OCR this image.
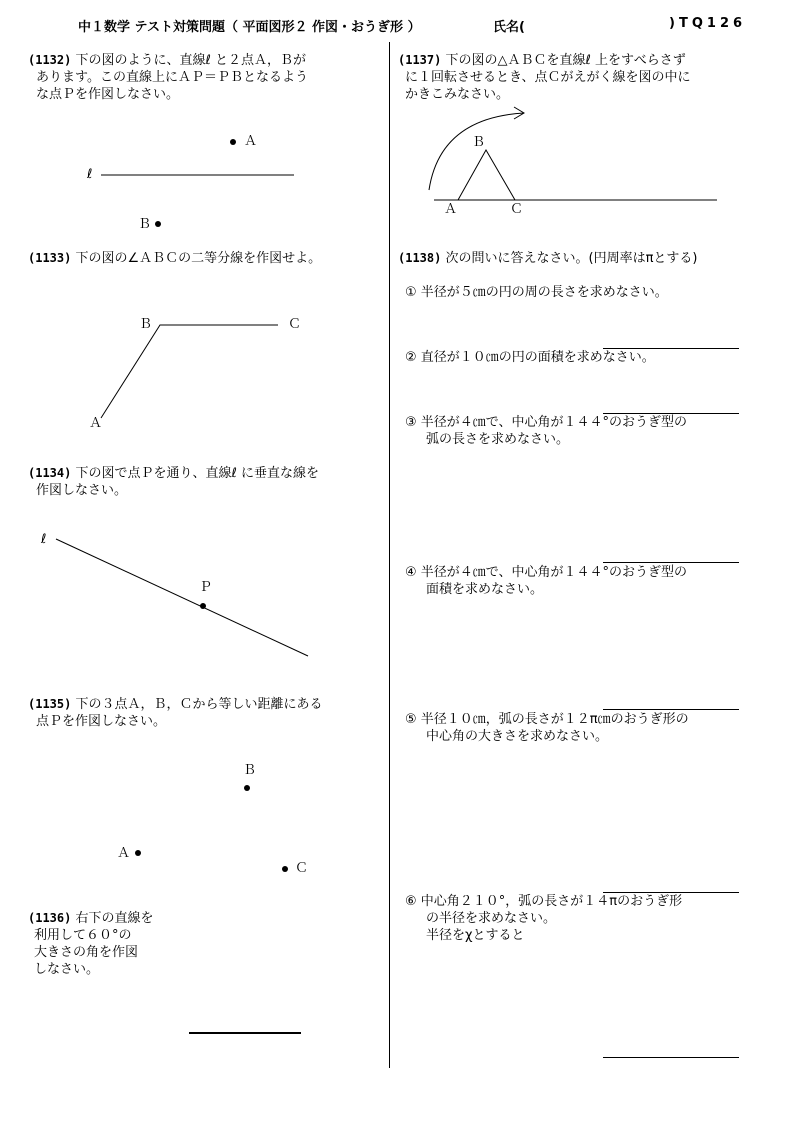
中１数学 テスト対策問題（ 平面図形２ 作図・おうぎ形 ）	氏名(	) TQ126
(1132) 下の図のように、直線ℓ と２点Ａ，Ｂが
あります。この直線上にＡＰ＝ＰＢとなるよう
な点Ｐを作図しなさい。
Ａ
Ｂ
ℓ
(1133) 下の図の∠ＡＢＣの二等分線を作図せよ。
Ｂ	Ｃ
Ａ
(1134) 下の図で点Ｐを通り、直線ℓ に垂直な線を
作図しなさい。
ℓ
Ｐ
(1135) 下の３点Ａ，Ｂ，Ｃから等しい距離にある
点Ｐを作図しなさい。
Ｂ
Ａ
Ｃ
(1136) 右下の直線を
利用して６０°の
大きさの角を作図
しなさい。
(1137) 下の図の△ＡＢＣを直線ℓ 上をすべらさず
に１回転させるとき、点Ｃがえがく線を図の中に
かきこみなさい。
Ｂ
Ａ	Ｃ
(1138) 次の問いに答えなさい。(円周率はπとする)
① 半径が５㎝の円の周の長さを求めなさい。
② 直径が１０㎝の円の面積を求めなさい。
③ 半径が４㎝で、中心角が１４４°のおうぎ型の
弧の長さを求めなさい。
④ 半径が４㎝で、中心角が１４４°のおうぎ型の
面積を求めなさい。
⑤ 半径１０㎝，弧の長さが１２π㎝のおうぎ形の
中心角の大きさを求めなさい。
⑥ 中心角２１０°，弧の長さが１４πのおうぎ形
の半径を求めなさい。
半径をχとすると
